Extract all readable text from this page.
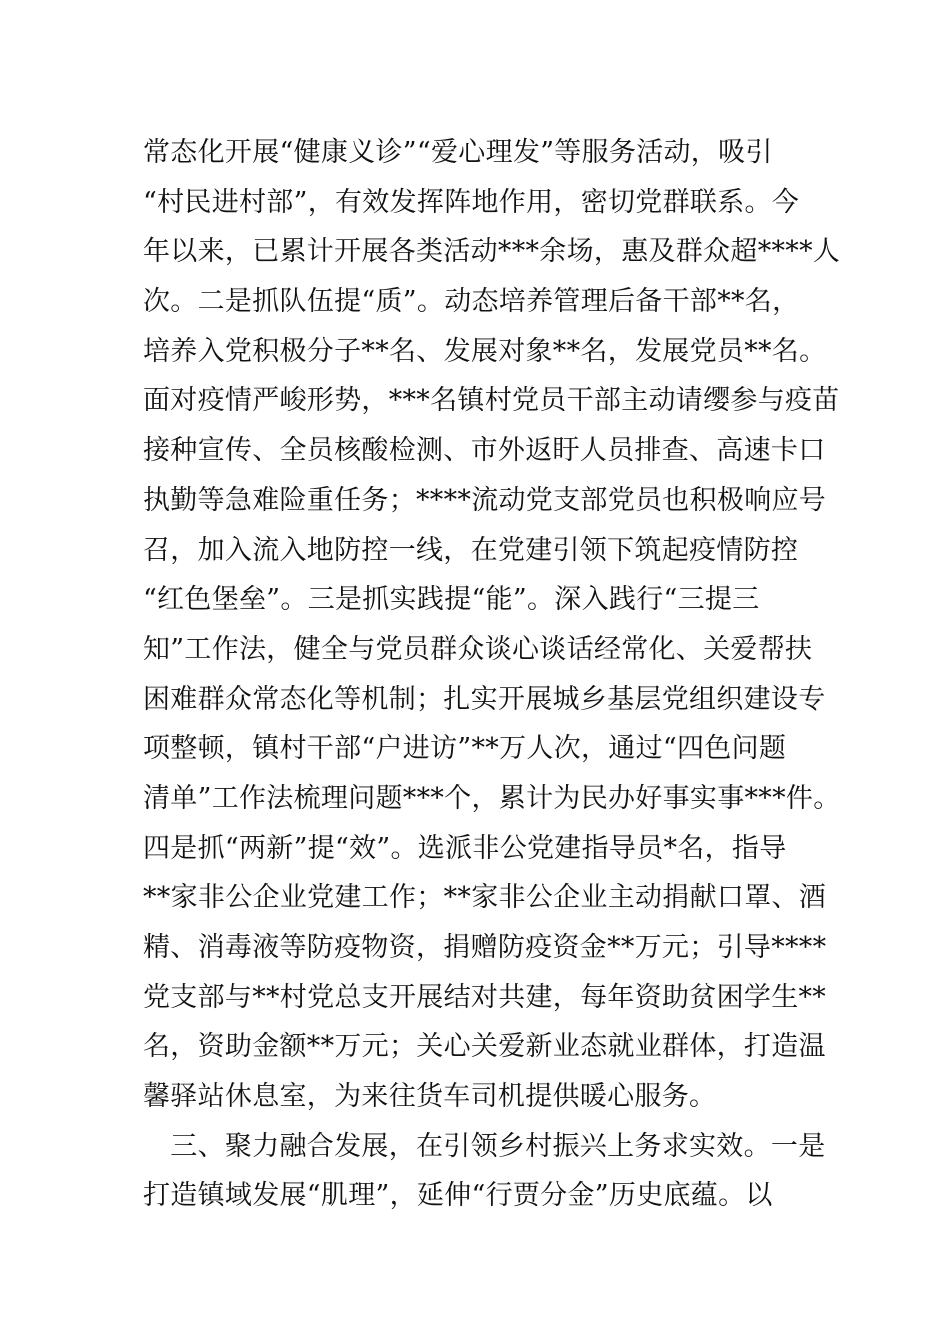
常态化开展“健康义诊”“爱心理发”等服务活动，吸引
“村民进村部”，有效发挥阵地作用，密切党群联系。今
年以来，已累计开展各类活动***余场，惠及群众超****人
次。二是抓队伍提“质”。动态培养管理后备干部**名，
培养入党积极分子**名、发展对象**名，发展党员**名。
面对疫情严峻形势，***名镇村党员干部主动请缨参与疫苗
接种宣传、全员核酸检测、市外返盱人员排查、高速卡口
执勤等急难险重任务；****流动党支部党员也积极响应号
召，加入流入地防控一线，在党建引领下筑起疫情防控
“红色堡垒”。三是抓实践提“能”。深入践行“三提三
知”工作法，健全与党员群众谈心谈话经常化、关爱帮扶
困难群众常态化等机制；扎实开展城乡基层党组织建设专
项整顿，镇村干部“户进访”**万人次，通过“四色问题
清单”工作法梳理问题***个，累计为民办好事实事***件。
四是抓“两新”提“效”。选派非公党建指导员*名，指导
**家非公企业党建工作；**家非公企业主动捐献口罩、酒
精、消毒液等防疫物资，捐赠防疫资金**万元；引导****
党支部与**村党总支开展结对共建，每年资助贫困学生**
名，资助金额**万元；关心关爱新业态就业群体，打造温
馨驿站休息室，为来往货车司机提供暖心服务。
　三、聚力融合发展，在引领乡村振兴上务求实效。一是
打造镇域发展“肌理”，延伸“行贾分金”历史底蕴。以
